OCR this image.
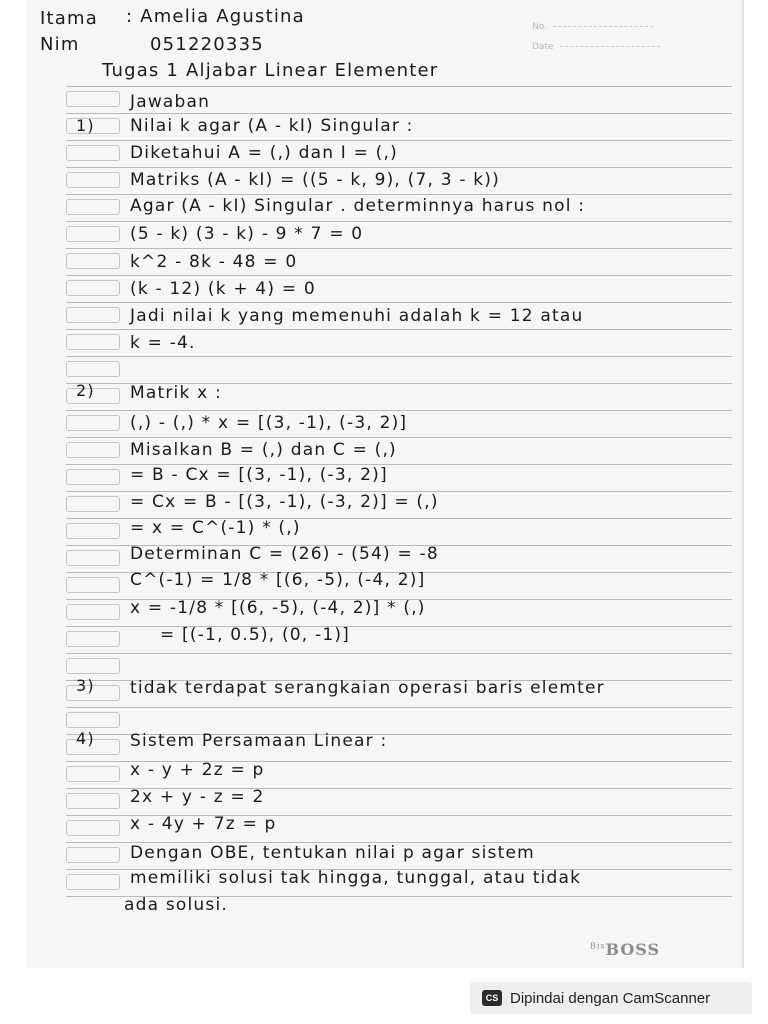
Itama : Amelia Agustina
Nim	051220335
No.
Date
Tugas 1 Aljabar Linear Elementer
Jawaban
1) Nilai k agar (A - kI) Singular :
Diketahui A = (,) dan I = (,)
Matriks (A - kI) = ((5 - k, 9), (7, 3 - k))
Agar (A - kI) Singular . determinnya harus nol :
(5 - k) (3 - k) - 9 * 7 = 0
k^2 - 8k - 48 = 0
(k - 12) (k + 4) = 0
Jadi nilai k yang memenuhi adalah k = 12 atau
k = -4.
2) Matrik x :
(,) - (,) * x = [(3, -1), (-3, 2)]
Misalkan B = (,) dan C = (,)
= B - Cx = [(3, -1), (-3, 2)]
= Cx = B - [(3, -1), (-3, 2)] = (,)
= x = C^(-1) * (,)
Determinan C = (26) - (54) = -8
C^(-1) = 1/8 * [(6, -5), (-4, 2)]
x = -1/8 * [(6, -5), (-4, 2)] * (,)
= [(-1, 0.5), (0, -1)]
3) tidak terdapat serangkaian operasi baris elemter
4) Sistem Persamaan Linear :
x - y + 2z = p
2x + y - z = 2
x - 4y + 7z = p
Dengan OBE, tentukan nilai p agar sistem
memiliki solusi tak hingga, tunggal, atau tidak
ada solusi.
$^{Bis}$BOSS
CS Dipindai dengan CamScanner
